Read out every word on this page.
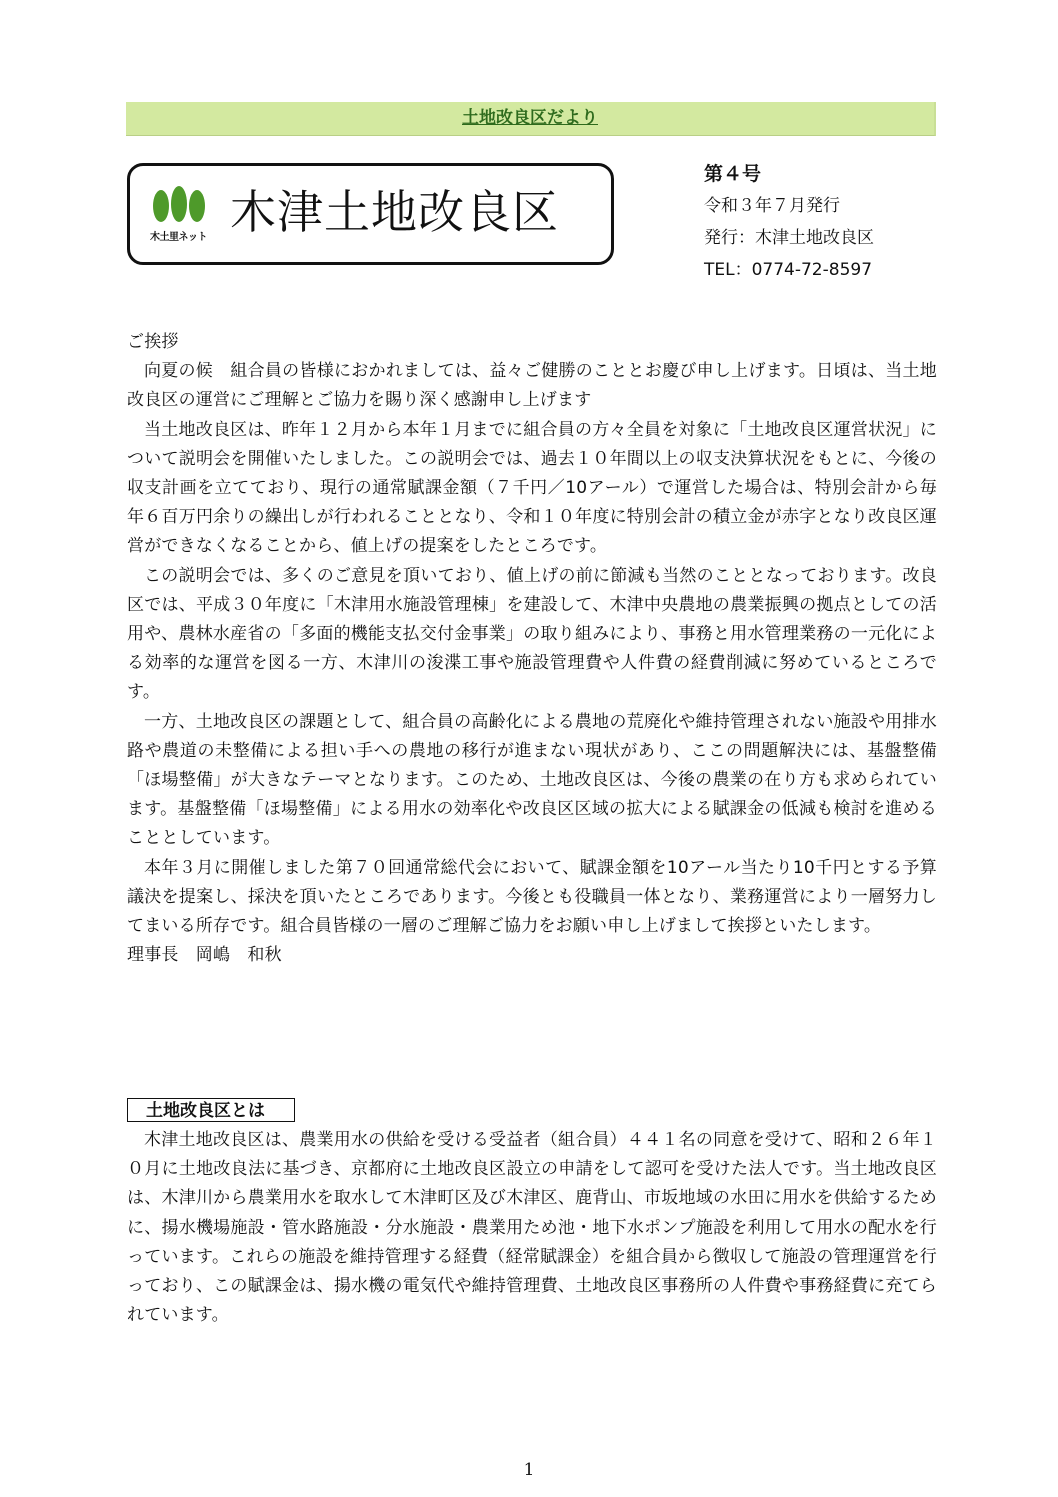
土地改良区だより
木土里ネット 木津土地改良区
第４号
令和３年７月発行
発行：木津土地改良区
TEL：0774-72-8597

ご挨拶

向夏の候　組合員の皆様におかれましては、益々ご健勝のこととお慶び申し上げます。日頃は、当土地改良区の運営にご理解とご協力を賜り深く感謝申し上げます

当土地改良区は、昨年１２月から本年１月までに組合員の方々全員を対象に「土地改良区運営状況」について説明会を開催いたしました。この説明会では、過去１０年間以上の収支決算状況をもとに、今後の収支計画を立てており、現行の通常賦課金額（７千円／10アール）で運営した場合は、特別会計から毎年６百万円余りの繰出しが行われることとなり、令和１０年度に特別会計の積立金が赤字となり改良区運営ができなくなることから、値上げの提案をしたところです。

この説明会では、多くのご意見を頂いており、値上げの前に節減も当然のこととなっております。改良区では、平成３０年度に「木津用水施設管理棟」を建設して、木津中央農地の農業振興の拠点としての活用や、農林水産省の「多面的機能支払交付金事業」の取り組みにより、事務と用水管理業務の一元化による効率的な運営を図る一方、木津川の浚渫工事や施設管理費や人件費の経費削減に努めているところです。

一方、土地改良区の課題として、組合員の高齢化による農地の荒廃化や維持管理されない施設や用排水路や農道の未整備による担い手への農地の移行が進まない現状があり、ここの問題解決には、基盤整備「ほ場整備」が大きなテーマとなります。このため、土地改良区は、今後の農業の在り方も求められています。基盤整備「ほ場整備」による用水の効率化や改良区区域の拡大による賦課金の低減も検討を進めることとしています。

本年３月に開催しました第７０回通常総代会において、賦課金額を10アール当たり10千円とする予算議決を提案し、採決を頂いたところであります。今後とも役職員一体となり、業務運営により一層努力してまいる所存です。組合員皆様の一層のご理解ご協力をお願い申し上げまして挨拶といたします。

理事長　岡嶋　和秋

土地改良区とは

木津土地改良区は、農業用水の供給を受ける受益者（組合員）４４１名の同意を受けて、昭和２６年１０月に土地改良法に基づき、京都府に土地改良区設立の申請をして認可を受けた法人です。当土地改良区は、木津川から農業用水を取水して木津町区及び木津区、鹿背山、市坂地域の水田に用水を供給するために、揚水機場施設・管水路施設・分水施設・農業用ため池・地下水ポンプ施設を利用して用水の配水を行っています。これらの施設を維持管理する経費（経常賦課金）を組合員から徴収して施設の管理運営を行っており、この賦課金は、揚水機の電気代や維持管理費、土地改良区事務所の人件費や事務経費に充てられています。

1
